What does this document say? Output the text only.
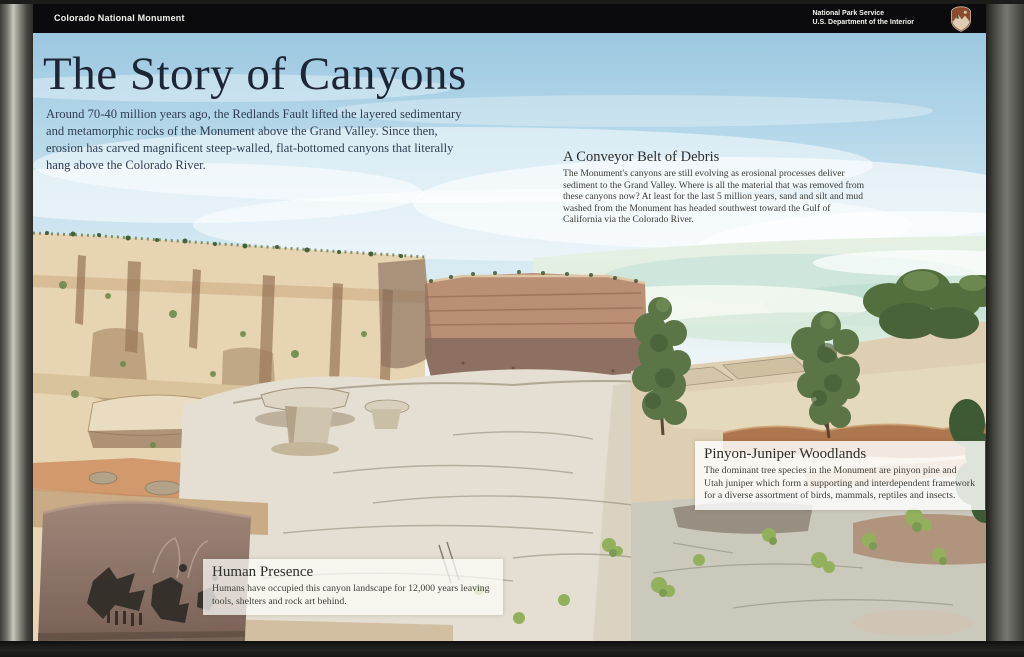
Colorado National Monument	National Park Service
U.S. Department of the Interior
The Story of Canyons
Around 70-40 million years ago, the Redlands Fault lifted the layered sedimentary and metamorphic rocks of the Monument above the Grand Valley. Since then, erosion has carved magnificent steep-walled, flat-bottomed canyons that literally hang above the Colorado River.	A Conveyor Belt of Debris
The Monument's canyons are still evolving as erosional processes deliver sediment to the Grand Valley. Where is all the material that was removed from these canyons now? At least for the last 5 million years, sand and silt and mud washed from the Monument has headed southwest toward the Gulf of California via the Colorado River.
Pinyon-Juniper Woodlands
The dominant tree species in the Monument are pinyon pine and Utah juniper which form a supporting and interdependent framework for a diverse assortment of birds, mammals, reptiles and insects.
Human Presence
Humans have occupied this canyon landscape for 12,000 years leaving tools, shelters and rock art behind.
